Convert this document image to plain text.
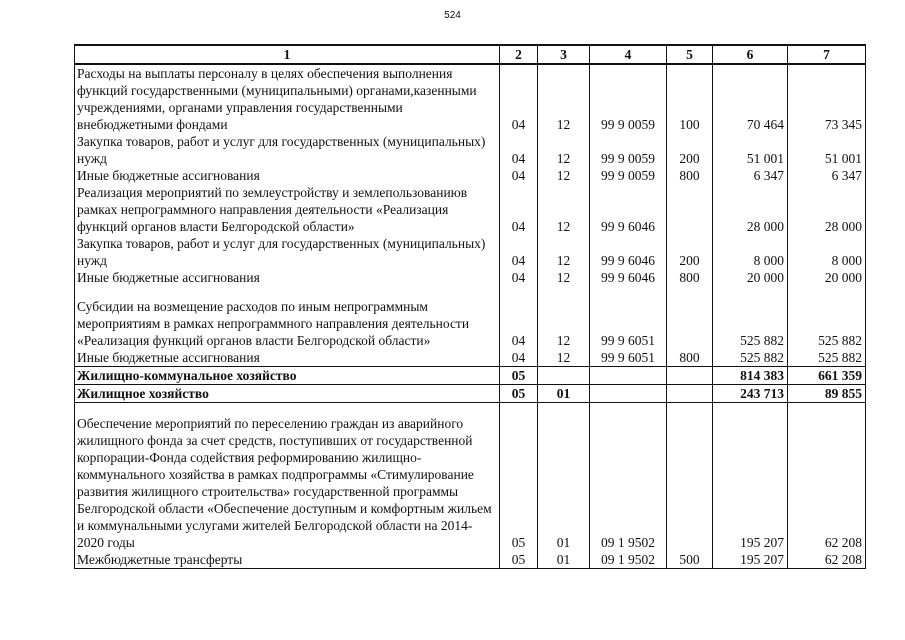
524
1	2	3	4	5	6	7
Расходы на выплаты персоналу в целях обеспечения выполнения функций государственными (муниципальными) органами,казенными учреждениями, органами управления государственными внебюджетными фондами	04	12	99 9 0059	100	70 464	73 345
Закупка товаров, работ и услуг для государственных (муниципальных) нужд	04	12	99 9 0059	200	51 001	51 001
Иные бюджетные ассигнования	04	12	99 9 0059	800	6 347	6 347
Реализация мероприятий по землеустройству и землепользованиюв рамках непрограммного направления деятельности «Реализация функций органов власти Белгородской области»	04	12	99 9 6046		28 000	28 000
Закупка товаров, работ и услуг для государственных (муниципальных) нужд	04	12	99 9 6046	200	8 000	8 000
Иные бюджетные ассигнования	04	12	99 9 6046	800	20 000	20 000
Субсидии на возмещение расходов по иным непрограммным мероприятиям в рамках непрограммного направления деятельности «Реализация функций органов власти Белгородской области»	04	12	99 9 6051		525 882	525 882
Иные бюджетные ассигнования	04	12	99 9 6051	800	525 882	525 882
Жилищно-коммунальное хозяйство	05				814 383	661 359
Жилищное хозяйство	05	01			243 713	89 855
Обеспечение мероприятий по переселению граждан из аварийного жилищного фонда за счет средств, поступивших от государственной корпорации-Фонда содействия реформированию жилищно-коммунального хозяйства в рамках подпрограммы «Стимулирование развития жилищного строительства» государственной программы Белгородской области «Обеспечение доступным и комфортным жильем и коммунальными услугами жителей Белгородской области на 2014-2020 годы	05	01	09 1 9502		195 207	62 208
Межбюджетные трансферты	05	01	09 1 9502	500	195 207	62 208
